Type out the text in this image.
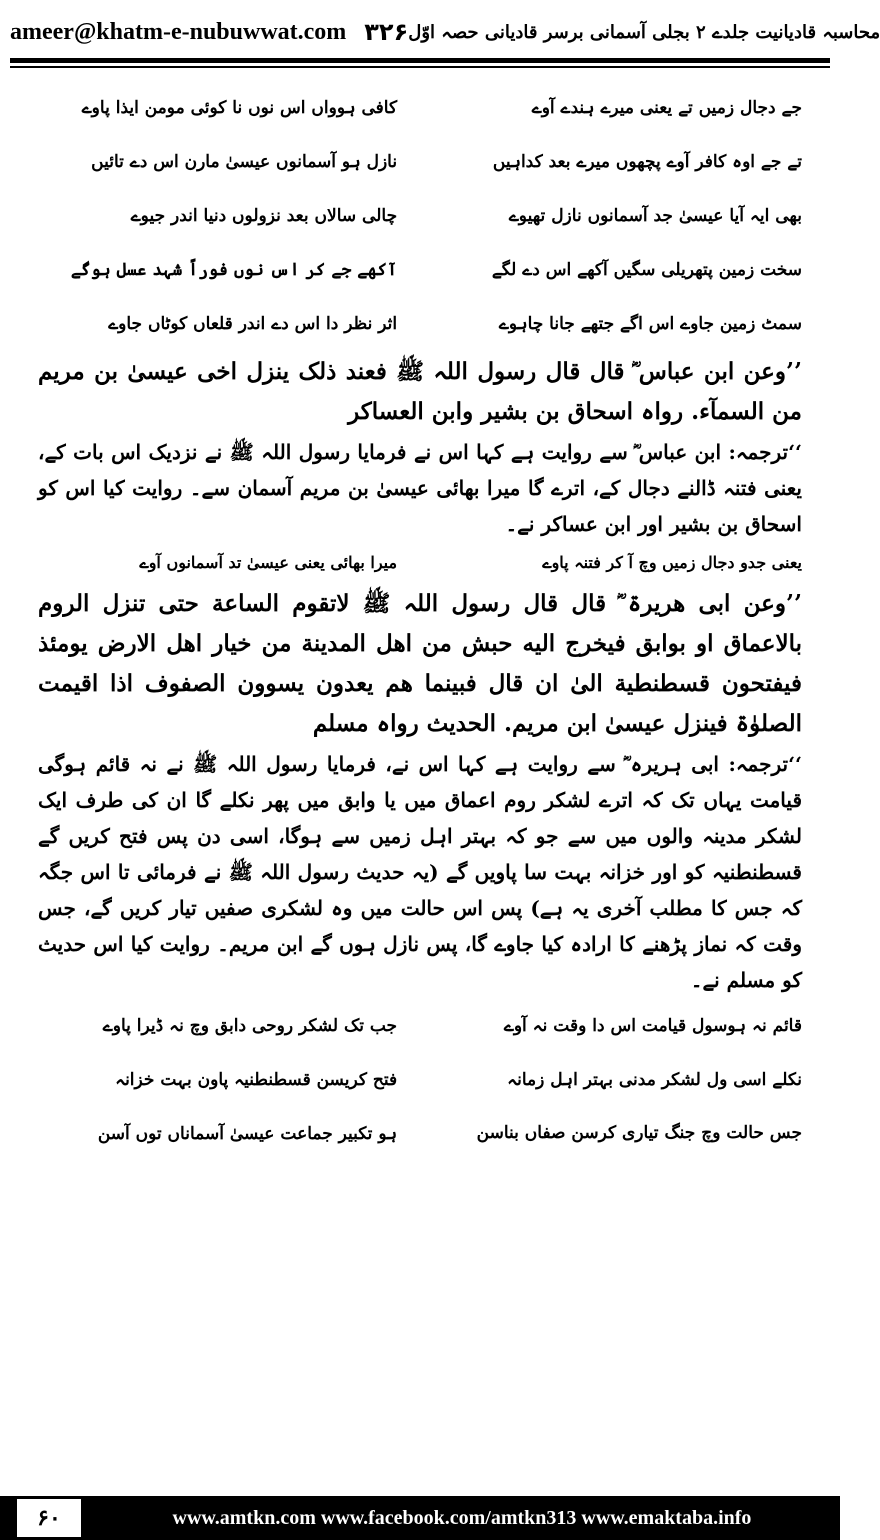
ameer@khatm-e-nubuwwat.com ۳۲۶ محاسبہ قادیانیت جلدے ۲ بجلی آسمانی برسر قادیانی حصہ اوّل
جے دجال زمیں تے یعنی میرے ہندے آوے
کافی ہوواں اس نوں نا کوئی مومن ایذا پاوے
تے جے اوہ کافر آوے پچھوں میرے بعد کداہیں
نازل ہو آسمانوں عیسیٰ مارن اس دے تائیں
بھی ایہ آیا عیسیٰ جد آسمانوں نازل تھیوے
چالی سالاں بعد نزولوں دنیا اندر جیوے
سخت زمین پتھریلی سگیں آکھے اس دے لگے
آکھے جے کر اس نوں فوراً شہد عسل ہوگے
سمٹ زمین جاوے اس اگے جتھے جانا چاہوے
اثر نظر دا اس دے اندر قلعاں کوٹاں جاوے
’’وعن ابن عباس ؓ قال قال رسول اللہ ﷺ فعند ذلک ینزل اخی عیسیٰ بن مریم من السمآء. رواہ اسحاق بن بشیر وابن العساکر
‘‘ترجمہ: ابن عباس ؓ سے روایت ہے کہا اس نے فرمایا رسول اللہ ﷺ نے نزدیک اس بات کے، یعنی فتنہ ڈالنے دجال کے، اترے گا میرا بھائی عیسیٰ بن مریم آسمان سے۔ روایت کیا اس کو اسحاق بن بشیر اور ابن عساکر نے۔
یعنی جدو دجال زمیں وچ آ کر فتنہ پاوے
میرا بھائی یعنی عیسیٰ تد آسمانوں آوے
’’وعن ابی ھریرۃ ؓ قال قال رسول اللہ ﷺ لاتقوم الساعة حتی تنزل الروم بالاعماق او بوابق فیخرج الیه حبش من اھل المدینة من خیار اھل الارض یومئذ فیفتحون قسطنطیة الیٰ ان قال فبینما ھم یعدون یسوون الصفوف اذا اقیمت الصلوٰۃ فینزل عیسیٰ ابن مریم. الحدیث رواہ مسلم
‘‘ترجمہ: ابی ہریرہ ؓ سے روایت ہے کہا اس نے، فرمایا رسول اللہ ﷺ نے نہ قائم ہوگی قیامت یہاں تک کہ اترے لشکر روم اعماق میں یا وابق میں پھر نکلے گا ان کی طرف ایک لشکر مدینہ والوں میں سے جو کہ بہتر اہل زمیں سے ہوگا، اسی دن پس فتح کریں گے قسطنطنیہ کو اور خزانہ بہت سا پاویں گے (یہ حدیث رسول اللہ ﷺ نے فرمائی تا اس جگہ کہ جس کا مطلب آخری یہ ہے) پس اس حالت میں وہ لشکری صفیں تیار کریں گے، جس وقت کہ نماز پڑھنے کا ارادہ کیا جاوے گا، پس نازل ہوں گے ابن مریم۔ روایت کیا اس حدیث کو مسلم نے۔
قائم نہ ہوسول قیامت اس دا وقت نہ آوے
جب تک لشکر روحی دابق وچ نہ ڈیرا پاوے
نکلے اسی ول لشکر مدنی بہتر اہل زمانہ
فتح کریسن قسطنطنیہ پاون بہت خزانہ
جس حالت وچ جنگ تیاری کرسن صفاں بناسن
ہو تکبیر جماعت عیسیٰ آسماناں توں آسن
۶۰	www.amtkn.com www.facebook.com/amtkn313 www.emaktaba.info
